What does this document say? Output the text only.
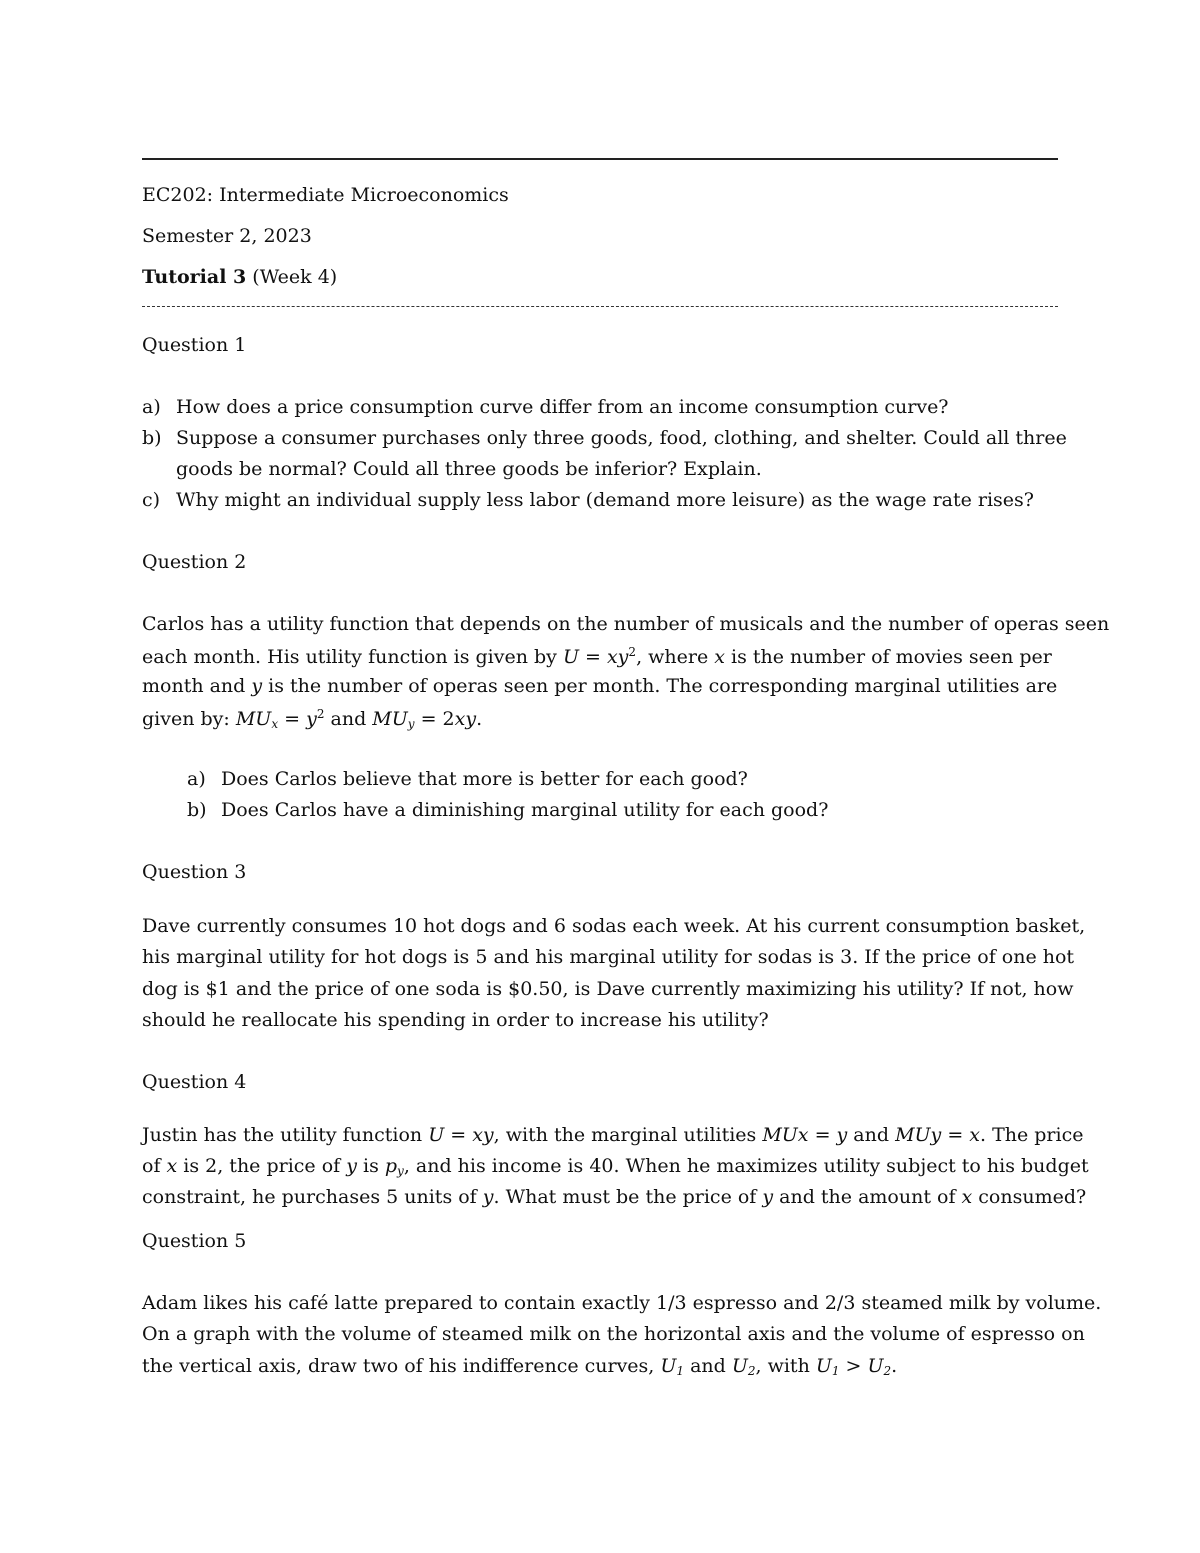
EC202: Intermediate Microeconomics
Semester 2, 2023
Tutorial 3 (Week 4)
Question 1
a) How does a price consumption curve differ from an income consumption curve?
b) Suppose a consumer purchases only three goods, food, clothing, and shelter. Could all three
goods be normal? Could all three goods be inferior? Explain.
c) Why might an individual supply less labor (demand more leisure) as the wage rate rises?
Question 2
Carlos has a utility function that depends on the number of musicals and the number of operas seen
each month. His utility function is given by $U = xy^2$, where x is the number of movies seen per
month and y is the number of operas seen per month. The corresponding marginal utilities are
given by: $MU_x = y^2$ and $MU_y = 2xy$.
a) Does Carlos believe that more is better for each good?
b) Does Carlos have a diminishing marginal utility for each good?
Question 3
Dave currently consumes 10 hot dogs and 6 sodas each week. At his current consumption basket,
his marginal utility for hot dogs is 5 and his marginal utility for sodas is 3. If the price of one hot
dog is $1 and the price of one soda is $0.50, is Dave currently maximizing his utility? If not, how
should he reallocate his spending in order to increase his utility?
Question 4
Justin has the utility function U = xy, with the marginal utilities MUx = y and MUy = x. The price
of x is 2, the price of y is $p_y$, and his income is 40. When he maximizes utility subject to his budget
constraint, he purchases 5 units of y. What must be the price of y and the amount of x consumed?
Question 5
Adam likes his café latte prepared to contain exactly 1/3 espresso and 2/3 steamed milk by volume.
On a graph with the volume of steamed milk on the horizontal axis and the volume of espresso on
the vertical axis, draw two of his indifference curves, $U_1$ and $U_2$, with $U_1 > U_2$.
